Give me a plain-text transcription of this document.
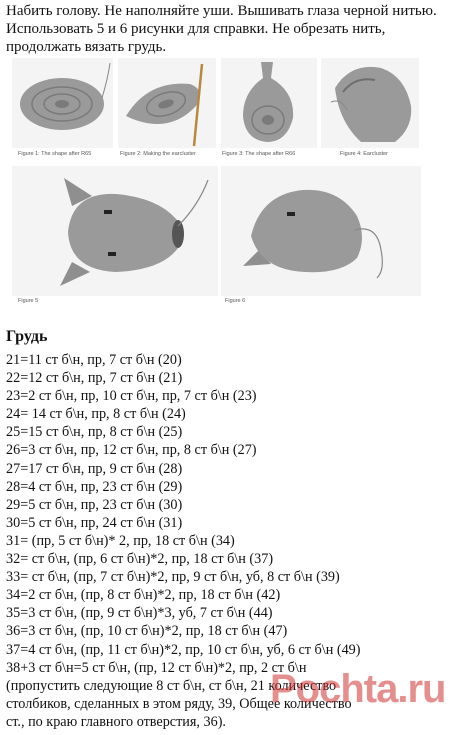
Набить голову. Не наполняйте уши. Вышивать глаза черной нитью. Использовать 5 и 6 рисунки для справки. Не обрезать нить, продолжать вязать грудь.
Figure 1: The shape after R65	Figure 2: Making the earcluster	Figure 3: The shape after R66	Figure 4: Earcluster
Figure 5	Figure 6
Грудь
21=11 ст б\н, пр, 7 ст б\н (20)
22=12 ст б\н, пр, 7 ст б\н (21)
23=2 ст б\н, пр, 10 ст б\н, пр, 7 ст б\н (23)
24= 14 ст б\н, пр, 8 ст б\н (24)
25=15 ст б\н, пр, 8 ст б\н (25)
26=3 ст б\н, пр, 12 ст б\н, пр, 8 ст б\н (27)
27=17 ст б\н, пр, 9 ст б\н (28)
28=4 ст б\н, пр, 23 ст б\н (29)
29=5 ст б\н, пр, 23 ст б\н (30)
30=5 ст б\н, пр, 24 ст б\н (31)
31= (пр, 5 ст б\н)* 2, пр, 18 ст б\н (34)
32= ст б\н, (пр, 6 ст б\н)*2, пр, 18 ст б\н (37)
33= ст б\н, (пр, 7 ст б\н)*2, пр, 9 ст б\н, уб, 8 ст б\н (39)
34=2 ст б\н, (пр, 8 ст б\н)*2, пр, 18 ст б\н (42)
35=3 ст б\н, (пр, 9 ст б\н)*3, уб, 7 ст б\н (44)
36=3 ст б\н, (пр, 10 ст б\н)*2, пр, 18 ст б\н (47)
37=4 ст б\н, (пр, 11 ст б\н)*2, пр, 10 ст б\н, уб, 6 ст б\н (49)
38+3 ст б\н=5 ст б\н, (пр, 12 ст б\н)*2, пр, 2 ст б\н
(пропустить следующие 8 ст б\н, ст б\н, 21 количество
столбиков, сделанных в этом ряду, 39, Общее количество
ст., по краю главного отверстия, 36).
Pochta.ru
